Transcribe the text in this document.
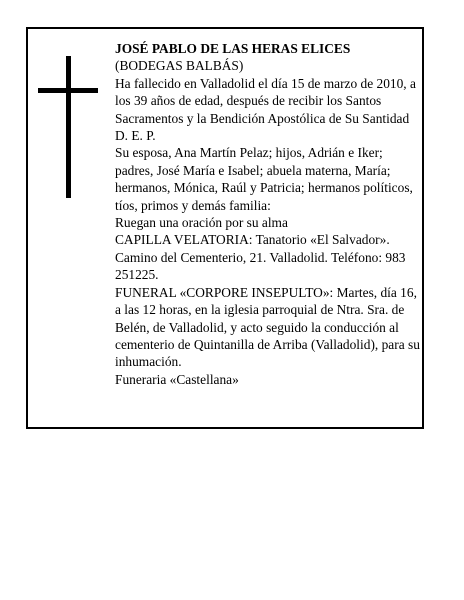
JOSÉ PABLO DE LAS HERAS ELICES

(BODEGAS BALBÁS)

Ha fallecido en Valladolid el día 15 de marzo de 2010, a los 39 años de edad, después de recibir los Santos Sacramentos y la Bendición Apostólica de Su Santidad D. E. P.

Su esposa, Ana Martín Pelaz; hijos, Adrián e Iker; padres, José María e Isabel; abuela materna, María; hermanos, Mónica, Raúl y Patricia; hermanos políticos, tíos, primos y demás familia:

Ruegan una oración por su alma

CAPILLA VELATORIA: Tanatorio «El Salvador». Camino del Cementerio, 21. Valladolid. Teléfono: 983 251225.

FUNERAL «CORPORE INSEPULTO»: Martes, día 16, a las 12 horas, en la iglesia parroquial de Ntra. Sra. de Belén, de Valladolid, y acto seguido la conducción al cementerio de Quintanilla de Arriba (Valladolid), para su inhumación.

Funeraria «Castellana»
